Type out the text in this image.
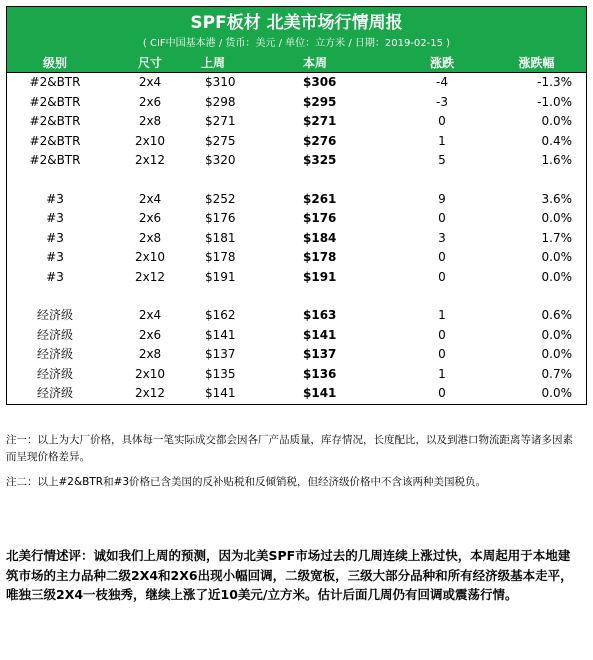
SPF板材 北美市场行情周报
( CIF中国基本港 / 货币：美元 / 单位：立方米 / 日期：2019-02-15 )
级别	尺寸	上周	本周	涨跌	涨跌幅
#2&BTR	2x4	$310	$306	-4	-1.3%
#2&BTR	2x6	$298	$295	-3	-1.0%
#2&BTR	2x8	$271	$271	0	0.0%
#2&BTR	2x10	$275	$276	1	0.4%
#2&BTR	2x12	$320	$325	5	1.6%
#3	2x4	$252	$261	9	3.6%
#3	2x6	$176	$176	0	0.0%
#3	2x8	$181	$184	3	1.7%
#3	2x10	$178	$178	0	0.0%
#3	2x12	$191	$191	0	0.0%
经济级	2x4	$162	$163	1	0.6%
经济级	2x6	$141	$141	0	0.0%
经济级	2x8	$137	$137	0	0.0%
经济级	2x10	$135	$136	1	0.7%
经济级	2x12	$141	$141	0	0.0%
注一：以上为大厂价格，具体每一笔实际成交都会因各厂产品质量，库存情况，长度配比，以及到港口物流距离等诸多因素而呈现价格差异。
注二：以上#2&BTR和#3价格已含美国的反补贴税和反倾销税，但经济级价格中不含该两种美国税负。
北美行情述评：诚如我们上周的预测，因为北美SPF市场过去的几周连续上涨过快，本周起用于本地建筑市场的主力品种二级2X4和2X6出现小幅回调，二级宽板，三级大部分品种和所有经济级基本走平，唯独三级2X4一枝独秀，继续上涨了近10美元/立方米。估计后面几周仍有回调或震荡行情。
